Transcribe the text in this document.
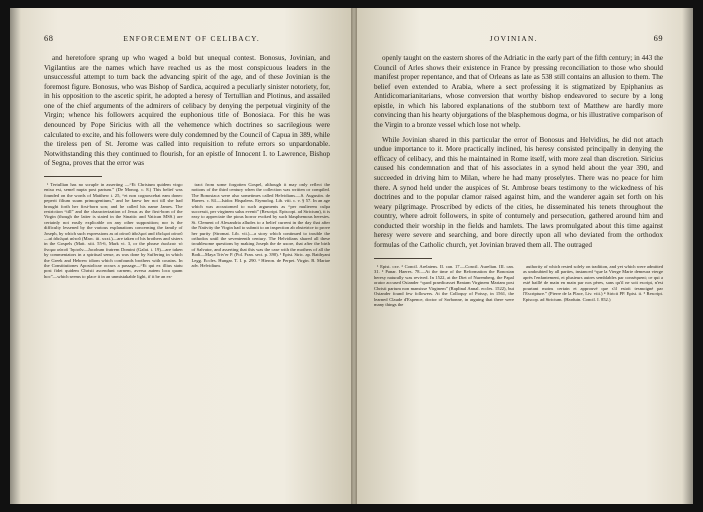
68	ENFORCEMENT OF CELIBACY.

and heretofore sprang up who waged a bold but unequal contest. Bonosus, Jovinian, and Vigilantius are the names which have reached us as the most conspicuous leaders in the unsuccessful attempt to turn back the advancing spirit of the age, and of these Jovinian is the foremost figure. Bonosus, who was Bishop of Sardica, acquired a peculiarly sinister notoriety, for, in his opposition to the ascetic spirit, he adopted a heresy of Tertullian and Plotinus, and assailed one of the chief arguments of the admirers of celibacy by denying the perpetual virginity of the Virgin; whence his followers acquired the euphonious title of Bonosiaca. For this he was denounced by Pope Siricius with all the vehemence which doctrines so sacrilegious were calculated to excite, and his followers were duly condemned by the Council of Capua in 389, while the tireless pen of St. Jerome was called into requisition to refute errors so unpardonable. Notwithstanding this they continued to flourish, for an epistle of Innocent I. to Lawrence, Bishop of Segna, proves that the error was

¹ Tertullian has no scruple in asserting —“Et Christum quidem virgo enixa est, semel nupta post partum.” (De Monog. c. 8.) This belief was founded on the words of Matthew i. 25, “et non cognoscebat eam donec peperit filium suum primogenitum,” and he knew her not till she had brought forth her first-born son; and he called his name James. The restriction “till” and the characterization of Jesus as the first-born of the Virgin (though the latter is stated in the Sinaitic and Vatican MSS.) are certainly not easily explicable on any other supposition; nor is the difficulty lessened by the various explanations concerning the family of Joseph, by which such expressions as αἱ αὐτοῦ ἀδελφοί and ἐδελφοί αὐτοῦ —αἱ ἀδελφαὶ αὐτοῦ (Marc. iii. xxxi.)—are taken of his brothers and sisters in the Gospels (Matt. xiii. 55-6, Mark vi. 3, or the phrase ἐκαλεσε τὸ ὄνομα αὐτοῦ Ἰησοῦν—Jacobum fratrem Domini (Galat. i. 19)—are taken by commentators in a spiritual sense, as was done by Suffering in which the Greek and Hebrew idiom which confounds brothers with cousins. In the Constitutiones Apostolicae occurs a passage—“Et qui ex illius statu post fidei quidem Christi ascendunt carnem, aversa autem loca quam hoc”—which seems to place it in an unmistakable light, if it be an ex-

tract from some forgotten Gospel, although it may only reflect the notions of the third century when the collection was written or compiled. The Bonosiaca were also sometimes called Helvidians.—S. Augustin. de Haeres. c. 84.—Isidor. Hispalens. Etymolog. Lib. viii. c. v. § 57. In an age which was accustomed to such arguments as “per mulierem culpa successit, per virginem salus evenit” (Rescript. Episcopi. ad Siricium), it is easy to appreciate the pious horror evoked by such blasphemous heresies. St. Clement of Alexandria alludes to a belief current in the day that after the Nativity the Virgin had to submit to an inspection ab obstetrice to prove her purity (Stromat. Lib. vii.)—a story which continued to trouble the orthodox until the seventeenth century. The Helvidians shared all these troublesome questions by making Joseph the de uxore, that after the birth of Salvator, and asserting that this was the case with the mothers of all the Bodi—Maya Triv'er P. (Pol. Fran. sect. p. 390). ¹ Epist. Siric. ap. Batthyani Legg. Eccles. Hungar. T. I. p. 290. ¹ Hieron. de Perpet. Virgin. B. Mariae adv. Helvidium.

JOVINIAN.	69

openly taught on the eastern shores of the Adriatic in the early part of the fifth century; in 443 the Council of Arles shows their existence in France by pressing reconciliation to those who should manifest proper repentance, and that of Orleans as late as 538 still contains an allusion to them. The belief even extended to Arabia, where a sect professing it is stigmatized by Epiphanius as Antidicomarianitarians, whose conversion that worthy bishop endeavored to secure by a long epistle, in which his labored explanations of the stubborn text of Matthew are hardly more convincing than his hearty objurgations of the blasphemous dogma, or his illustrative comparison of the Virgin to a bronze vessel which lose not whelp.

While Jovinian shared in this particular the error of Bonosus and Helvidius, he did not attach undue importance to it. More practically inclined, his heresy consisted principally in denying the efficacy of celibacy, and this he maintained in Rome itself, with more zeal than discretion. Siricius caused his condemnation and that of his associates in a synod held about the year 390, and succeeded in driving him to Milan, where he had many proselytes. There was no peace for him there. A synod held under the auspices of St. Ambrose bears testimony to the wickedness of his doctrines and to the popular clamor raised against him, and the wanderer again set forth on his weary pilgrimage. Proscribed by edicts of the cities, he disseminated his tenets throughout the country, where adroit followers, in spite of contumely and persecution, gathered around him and conducted their worship in the fields and hamlets. The laws promulgated about this time against heresy were severe and searching, and bore directly upon all who deviated from the orthodox formulas of the Catholic church, yet Jovinian braved them all. The outraged

¹ Epist. cxv. ² Concil. Arelatens. II. can. 17.—Concil. Aurelian. III. can. 31. ³ Panar. Haeres. 78.—At the time of the Reformation the Bonosian heresy naturally was revived. In 1522, at the Diet of Nuremberg, the Papal orator accused Osiander “quod praedicasset Beatam Virginem Mariam post Christi partum non mansisse Virginem” (Raplinal Annal. eccles. 1522), but Osiander found few followers. At the Colloquy of Poissy, in 1561, the learned Claude d'Espence, doctor of Sorbonne, in arguing that there were many things the

authority of which rested solely on tradition, and yet which were admitted as undoubted by all parties, instanced “que la Vierge Marie demeura vierge après l'enfantement, et plusieurs autres semblables par conséquent; ce qui a esté baillé de main en main par nos pères, sans qu'il ne soit escript, n'est pourtant moins certain et approuvé que s'il estoit tesmoigné par l'Escripture.” (Pierre de la Place, Liv. viii.) ⁴ Siricii PP. Epist. ii. ⁵ Rescript. Episcop. ad Siricium. (Harduin. Concil. I. 852.)
